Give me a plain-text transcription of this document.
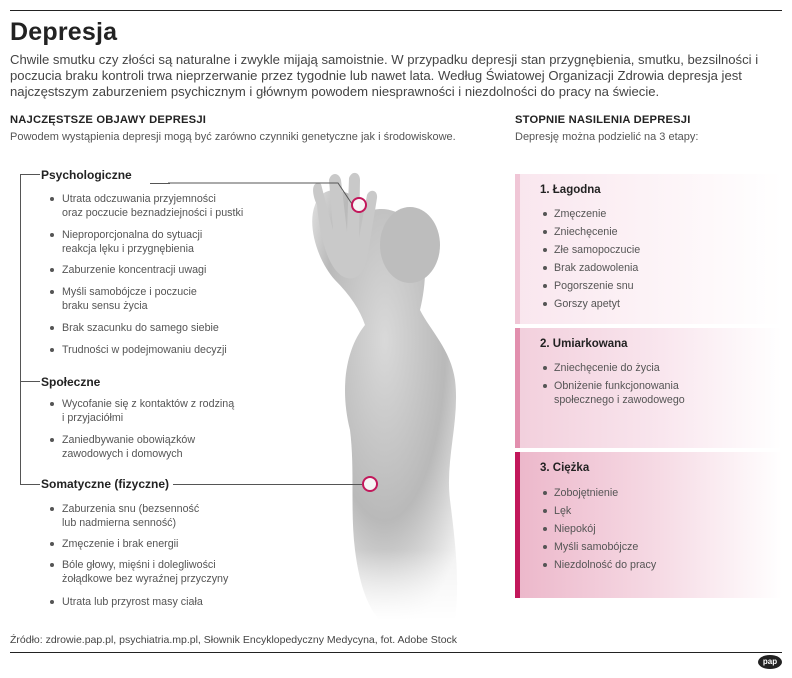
Depresja
Chwile smutku czy złości są naturalne i zwykle mijają samoistnie. W przypadku depresji stan przygnębienia, smutku, bezsilności i poczucia braku kontroli trwa nieprzerwanie przez tygodnie lub nawet lata. Według Światowej Organizacji Zdrowia depresja jest najczęstszym zaburzeniem psychicznym i głównym powodem niesprawności i niezdolności do pracy na świecie.
NAJCZĘSTSZE OBJAWY DEPRESJI
Powodem wystąpienia depresji mogą być zarówno czynniki genetyczne jak i środowiskowe.
STOPNIE NASILENIA DEPRESJI
Depresję można podzielić na 3 etapy:
Psychologiczne
Utrata odczuwania przyjemności
oraz poczucie beznadziejności i pustki
Nieproporcjonalna do sytuacji
reakcja lęku i przygnębienia
Zaburzenie koncentracji uwagi
Myśli samobójcze i poczucie
braku sensu życia
Brak szacunku do samego siebie
Trudności w podejmowaniu decyzji
Społeczne
Wycofanie się z kontaktów z rodziną
i przyjaciółmi
Zaniedbywanie obowiązków
zawodowych i domowych
Somatyczne (fizyczne)
Zaburzenia snu (bezsenność
lub nadmierna senność)
Zmęczenie i brak energii
Bóle głowy, mięśni i dolegliwości
żołądkowe bez wyraźnej przyczyny
Utrata lub przyrost masy ciała
1. Łagodna
Zmęczenie
Zniechęcenie
Złe samopoczucie
Brak zadowolenia
Pogorszenie snu
Gorszy apetyt
2. Umiarkowana
Zniechęcenie do życia
Obniżenie funkcjonowania
społecznego i zawodowego
3. Ciężka
Zobojętnienie
Lęk
Niepokój
Myśli samobójcze
Niezdolność do pracy
Źródło: zdrowie.pap.pl, psychiatria.mp.pl, Słownik Encyklopedyczny Medycyna, fot. Adobe Stock
pap
